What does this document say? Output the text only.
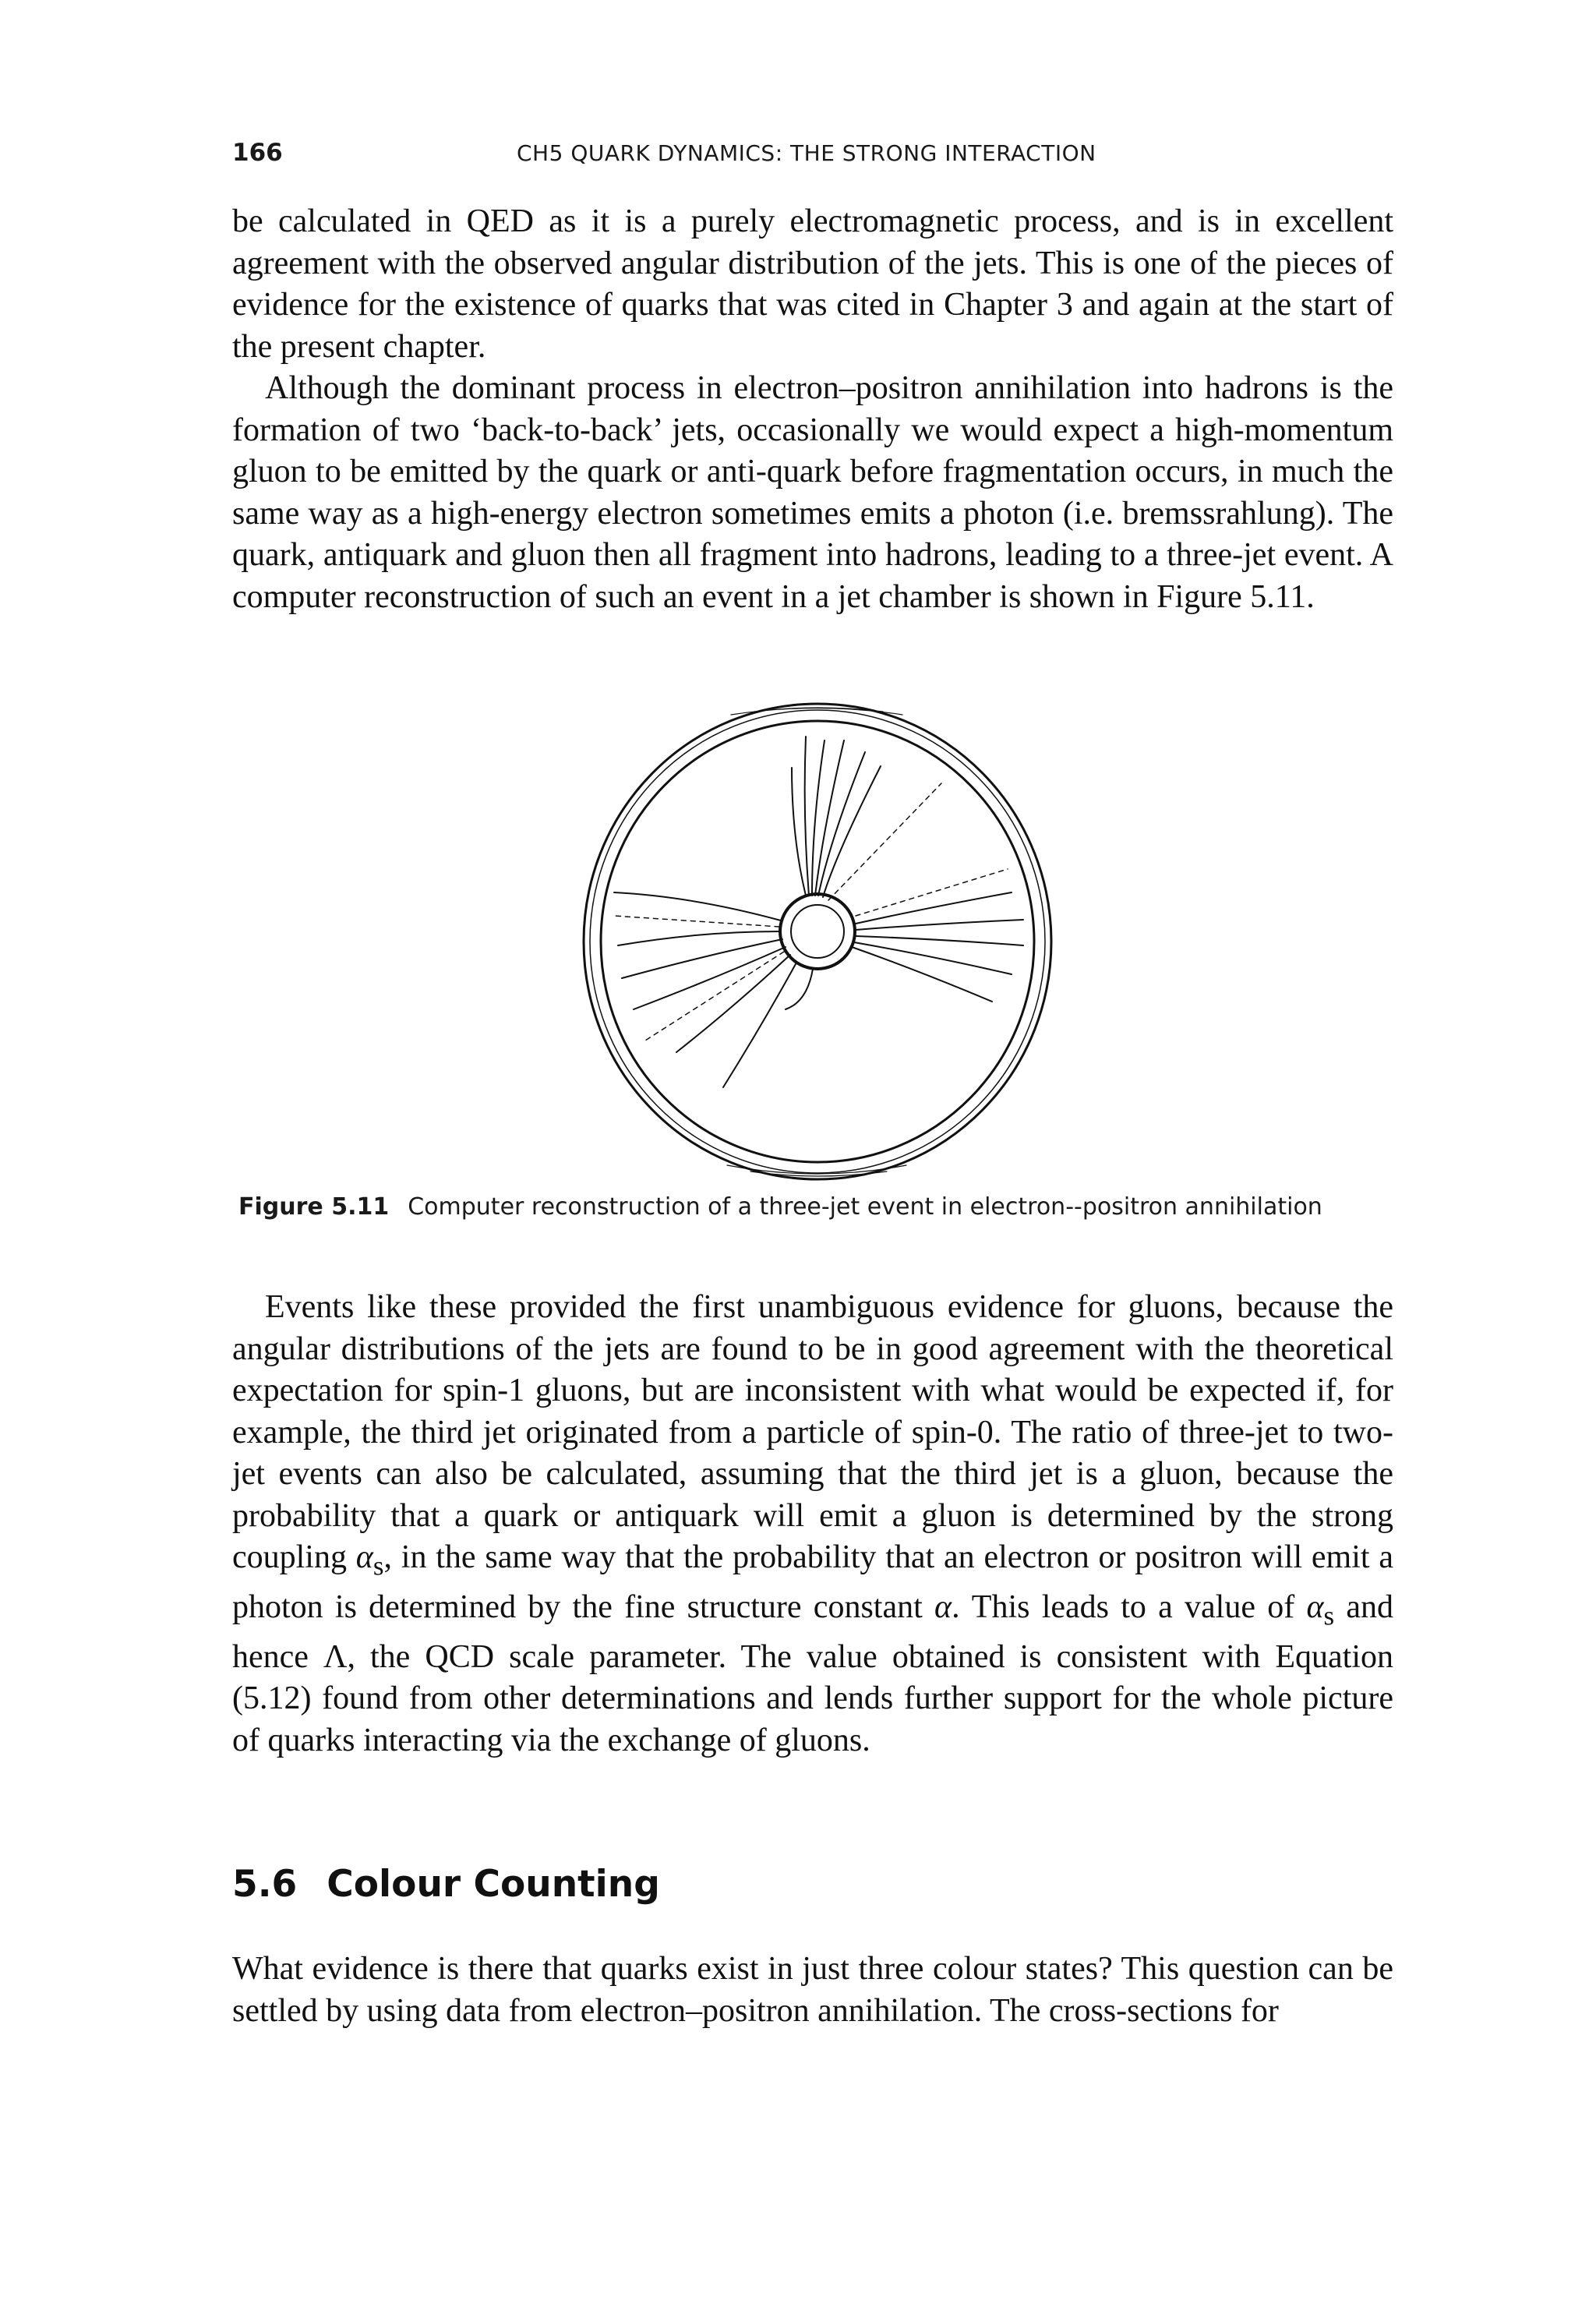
166	CH5 QUARK DYNAMICS: THE STRONG INTERACTION

be calculated in QED as it is a purely electromagnetic process, and is in excellent agreement with the observed angular distribution of the jets. This is one of the pieces of evidence for the existence of quarks that was cited in Chapter 3 and again at the start of the present chapter.

Although the dominant process in electron–positron annihilation into hadrons is the formation of two ‘back-to-back’ jets, occasionally we would expect a high-momentum gluon to be emitted by the quark or anti-quark before fragmentation occurs, in much the same way as a high-energy electron sometimes emits a photon (i.e. bremssrahlung). The quark, antiquark and gluon then all fragment into hadrons, leading to a three-jet event. A computer reconstruction of such an event in a jet chamber is shown in Figure 5.11.

Figure 5.11 Computer reconstruction of a three-jet event in electron--positron annihilation

Events like these provided the first unambiguous evidence for gluons, because the angular distributions of the jets are found to be in good agreement with the theoretical expectation for spin-1 gluons, but are inconsistent with what would be expected if, for example, the third jet originated from a particle of spin-0. The ratio of three-jet to two-jet events can also be calculated, assuming that the third jet is a gluon, because the probability that a quark or antiquark will emit a gluon is determined by the strong coupling $\alpha_s$, in the same way that the probability that an electron or positron will emit a photon is determined by the fine structure constant α. This leads to a value of $\alpha_s$ and hence Λ, the QCD scale parameter. The value obtained is consistent with Equation (5.12) found from other determinations and lends further support for the whole picture of quarks interacting via the exchange of gluons.

5.6 Colour Counting

What evidence is there that quarks exist in just three colour states? This question can be settled by using data from electron–positron annihilation. The cross-sections for
